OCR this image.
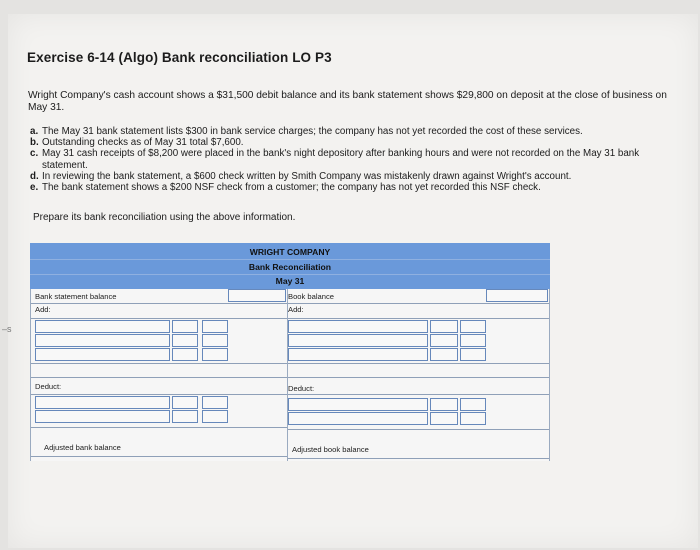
–s
Exercise 6-14 (Algo) Bank reconciliation LO P3

Wright Company's cash account shows a $31,500 debit balance and its bank statement shows $29,800 on deposit at the close of business on May 31.

a. The May 31 bank statement lists $300 in bank service charges; the company has not yet recorded the cost of these services.
b. Outstanding checks as of May 31 total $7,600.
c. May 31 cash receipts of $8,200 were placed in the bank's night depository after banking hours and were not recorded on the May 31 bank statement.
d. In reviewing the bank statement, a $600 check written by Smith Company was mistakenly drawn against Wright's account.
e. The bank statement shows a $200 NSF check from a customer; the company has not yet recorded this NSF check.

Prepare its bank reconciliation using the above information.

WRIGHT COMPANY
Bank Reconciliation
May 31
Bank statement balance
Add:
Deduct:
Adjusted bank balance
Book balance
Add:
Deduct:
Adjusted book balance
